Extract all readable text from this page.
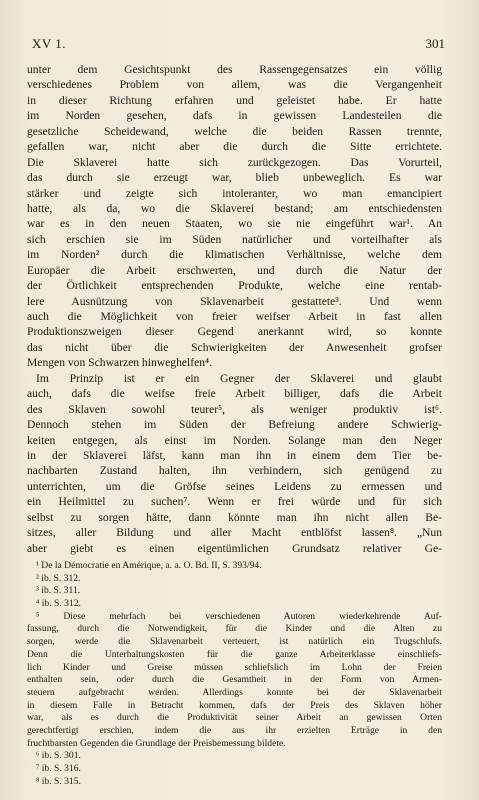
XV 1.	301
unter dem Gesichtspunkt des Rassengegensatzes ein völlig
verschiedenes Problem von allem, was die Vergangenheit
in dieser Richtung erfahren und geleistet habe. Er hatte
im Norden gesehen, dafs in gewissen Landesteilen die
gesetzliche Scheidewand, welche die beiden Rassen trennte,
gefallen war, nicht aber die durch die Sitte errichtete.
Die Sklaverei hatte sich zurückgezogen. Das Vorurteil,
das durch sie erzeugt war, blieb unbeweglich. Es war
stärker und zeigte sich intoleranter, wo man emancipiert
hatte, als da, wo die Sklaverei bestand; am entschiedensten
war es in den neuen Staaten, wo sie nie eingeführt war¹. An
sich erschien sie im Süden natürlicher und vorteilhafter als
im Norden² durch die klimatischen Verhältnisse, welche dem
Europäer die Arbeit erschwerten, und durch die Natur der
der Örtlichkeit entsprechenden Produkte, welche eine rentab-
lere Ausnützung von Sklavenarbeit gestattete³. Und wenn
auch die Möglichkeit von freier weifser Arbeit in fast allen
Produktionszweigen dieser Gegend anerkannt wird, so konnte
das nicht über die Schwierigkeiten der Anwesenheit grofser
Mengen von Schwarzen hinweghelfen⁴.
Im Prinzip ist er ein Gegner der Sklaverei und glaubt
auch, dafs die weifse freie Arbeit billiger, dafs die Arbeit
des Sklaven sowohl teurer⁵, als weniger produktiv ist⁶.
Dennoch stehen im Süden der Befreiung andere Schwierig-
keiten entgegen, als einst im Norden. Solange man den Neger
in der Sklaverei läfst, kann man ihn in einem dem Tier be-
nachbarten Zustand halten, ihn verhindern, sich genügend zu
unterrichten, um die Gröfse seines Leidens zu ermessen und
ein Heilmittel zu suchen⁷. Wenn er frei würde und für sich
selbst zu sorgen hätte, dann könnte man ihn nicht allen Be-
sitzes, aller Bildung und aller Macht entblöfst lassen⁸. „Nun
aber giebt es einen eigentümlichen Grundsatz relativer Ge-
¹ De la Démocratie en Amérique, a. a. O. Bd. II, S. 393/94.
² ib. S. 312.
³ ib. S. 311.
⁴ ib. S. 312.
⁵ Diese mehrfach bei verschiedenen Autoren wiederkehrende Auf-
fassung, durch die Notwendigkeit, für die Kinder und die Alten zu
sorgen, werde die Sklavenarbeit verteuert, ist natürlich ein Trugschlufs.
Denn die Unterhaltungskosten für die ganze Arbeiterklasse einschliefs-
lich Kinder und Greise müssen schliefslich im Lohn der Freien
enthalten sein, oder durch die Gesamtheit in der Form von Armen-
steuern aufgebracht werden. Allerdings konnte bei der Sklavenarbeit
in diesem Falle in Betracht kommen, dafs der Preis des Sklaven höher
war, als es durch die Produktivität seiner Arbeit an gewissen Orten
gerechtfertigt erschien, indem die aus ihr erzielten Erträge in den
fruchtbarsten Gegenden die Grundlage der Preisbemessung bildete.
⁶ ib. S. 301.
⁷ ib. S. 316.
⁸ ib. S. 315.
